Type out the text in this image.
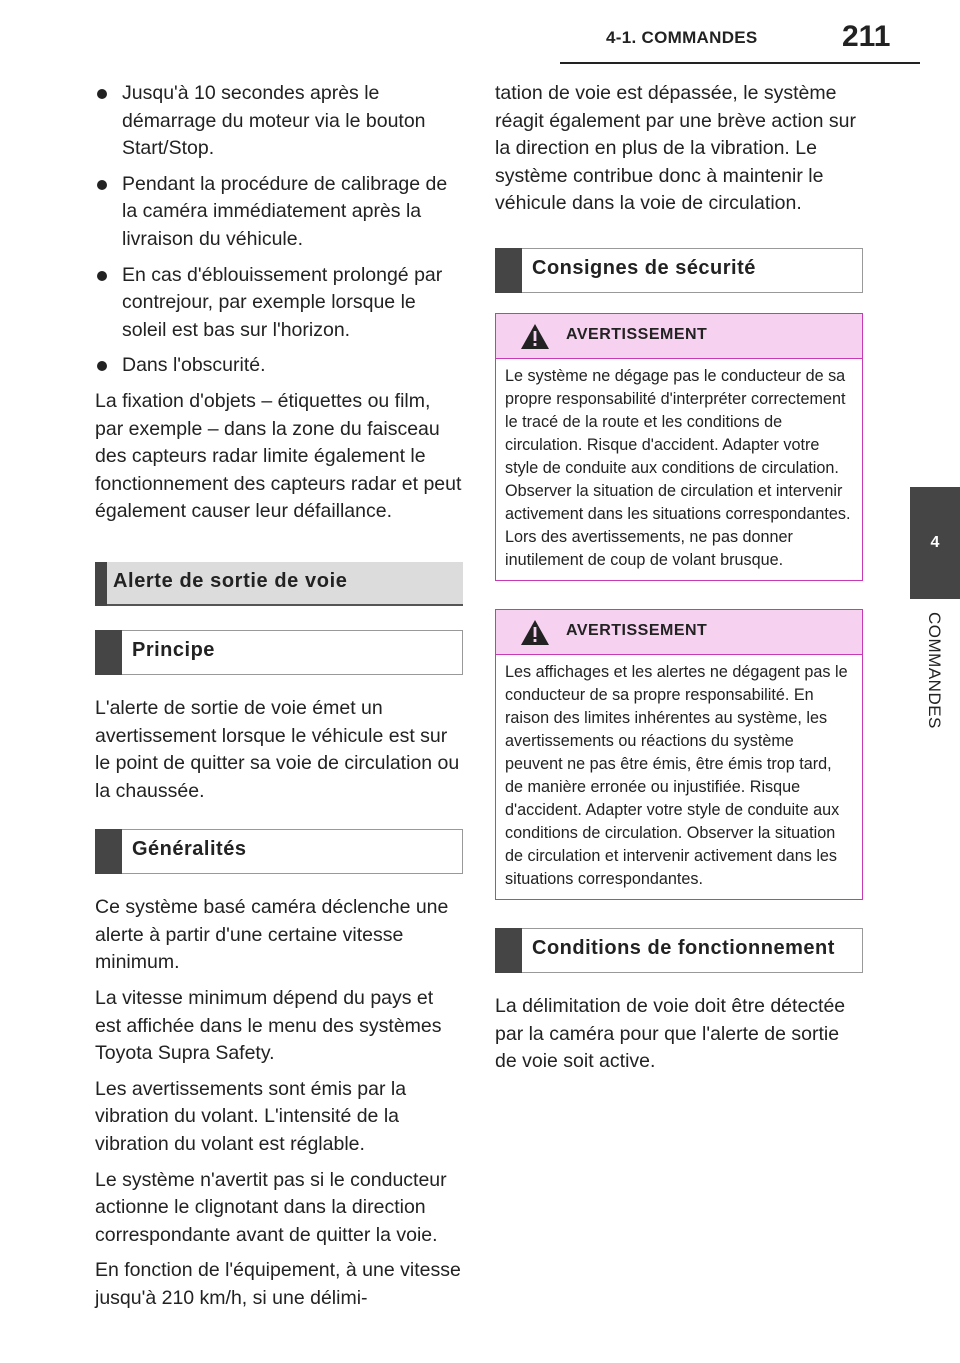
4-1. COMMANDES	211
4
COMMANDES
Jusqu'à 10 secondes après le démarrage du moteur via le bouton Start/Stop.
Pendant la procédure de calibrage de la caméra immédiatement après la livraison du véhicule.
En cas d'éblouissement prolongé par contrejour, par exemple lorsque le soleil est bas sur l'horizon.
Dans l'obscurité.

La fixation d'objets – étiquettes ou film, par exemple – dans la zone du faisceau des capteurs radar limite également le fonctionnement des capteurs radar et peut également causer leur défaillance.

Alerte de sortie de voie
Principe

L'alerte de sortie de voie émet un avertissement lorsque le véhicule est sur le point de quitter sa voie de circulation ou la chaussée.

Généralités

Ce système basé caméra déclenche une alerte à partir d'une certaine vitesse minimum.

La vitesse minimum dépend du pays et est affichée dans le menu des systèmes Toyota Supra Safety.

Les avertissements sont émis par la vibration du volant. L'intensité de la vibration du volant est réglable.

Le système n'avertit pas si le conducteur actionne le clignotant dans la direction correspondante avant de quitter la voie.

En fonction de l'équipement, à une vitesse jusqu'à 210 km/h, si une délimi-

tation de voie est dépassée, le système réagit également par une brève action sur la direction en plus de la vibration. Le système contribue donc à maintenir le véhicule dans la voie de circulation.

Consignes de sécurité
AVERTISSEMENT
Le système ne dégage pas le conducteur de sa propre responsabilité d'interpréter correctement le tracé de la route et les conditions de circulation. Risque d'accident. Adapter votre style de conduite aux conditions de circulation. Observer la situation de circulation et intervenir activement dans les situations correspondantes. Lors des avertissements, ne pas donner inutilement de coup de volant brusque.
AVERTISSEMENT
Les affichages et les alertes ne dégagent pas le conducteur de sa propre responsabilité. En raison des limites inhérentes au système, les avertissements ou réactions du système peuvent ne pas être émis, être émis trop tard, de manière erronée ou injustifiée. Risque d'accident. Adapter votre style de conduite aux conditions de circulation. Observer la situation de circulation et intervenir activement dans les situations correspondantes.
Conditions de fonctionnement

La délimitation de voie doit être détectée par la caméra pour que l'alerte de sortie de voie soit active.
